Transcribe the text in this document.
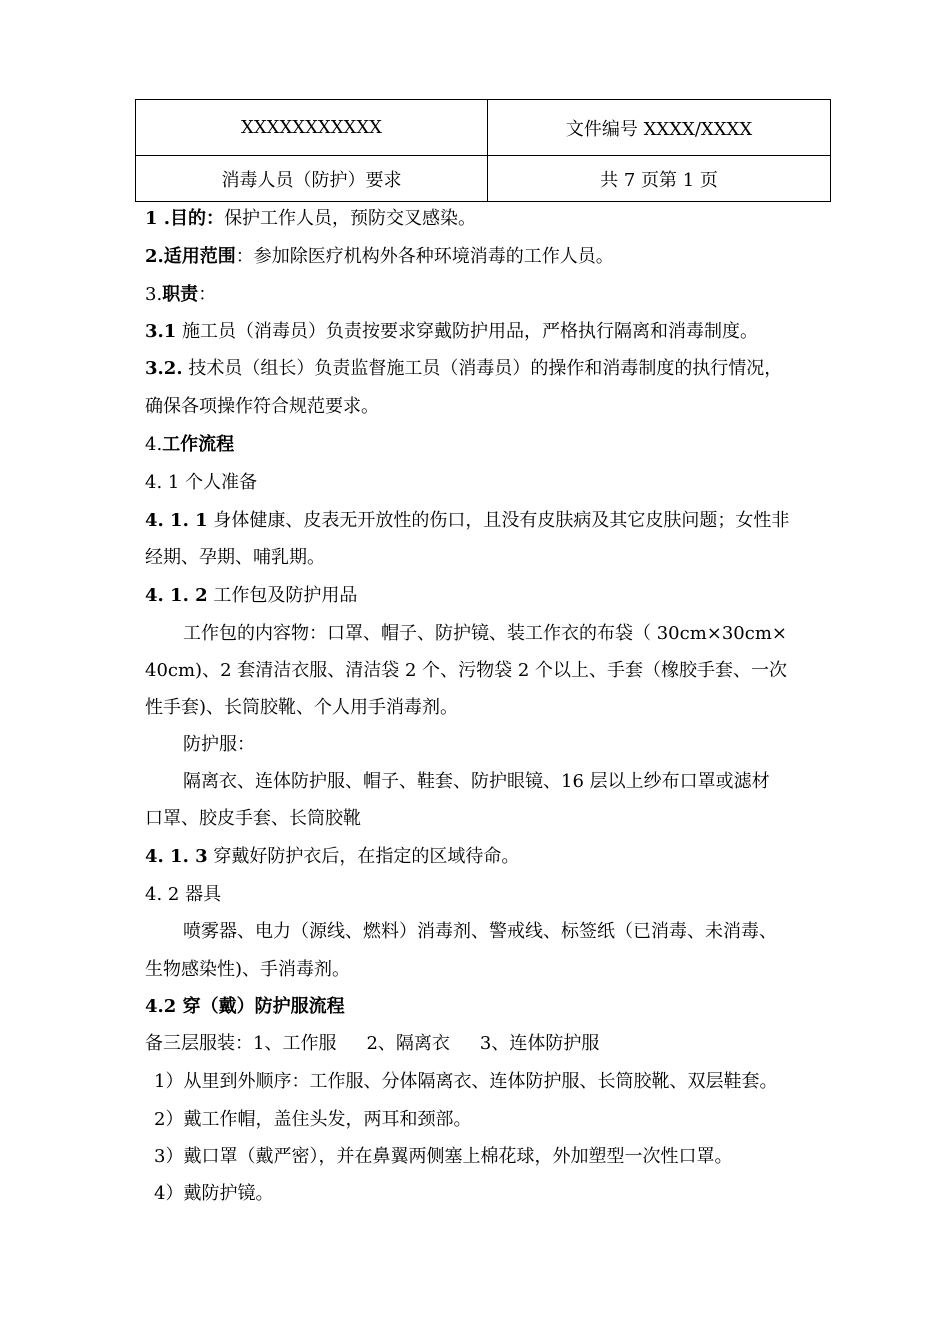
XXXXXXXXXXX	文件编号 XXXX/XXXX
消毒人员（防护）要求	共 7 页第 1 页
1 .目的：保护工作人员，预防交叉感染。
2.适用范围：参加除医疗机构外各种环境消毒的工作人员。
3.职责：
3.1 施工员（消毒员）负责按要求穿戴防护用品，严格执行隔离和消毒制度。
3.2. 技术员（组长）负责监督施工员（消毒员）的操作和消毒制度的执行情况，
确保各项操作符合规范要求。
4.工作流程
4. 1 个人准备
4. 1. 1 身体健康、皮表无开放性的伤口，且没有皮肤病及其它皮肤问题；女性非
经期、孕期、哺乳期。
4. 1. 2 工作包及防护用品
工作包的内容物：口罩、帽子、防护镜、装工作衣的布袋（ 30cm×30cm×
40cm)、2 套清洁衣服、清洁袋 2 个、污物袋 2 个以上、手套（橡胶手套、一次
性手套)、长筒胶靴、个人用手消毒剂。
防护服：
隔离衣、连体防护服、帽子、鞋套、防护眼镜、16 层以上纱布口罩或滤材
口罩、胶皮手套、长筒胶靴
4. 1. 3 穿戴好防护衣后，在指定的区域待命。
4. 2 器具
喷雾器、电力（源线、燃料）消毒剂、警戒线、标签纸（已消毒、未消毒、
生物感染性)、手消毒剂。
4.2 穿（戴）防护服流程
备三层服装：1、工作服 2、隔离衣 3、连体防护服
1）从里到外顺序：工作服、分体隔离衣、连体防护服、长筒胶靴、双层鞋套。
2）戴工作帽，盖住头发，两耳和颈部。
3）戴口罩（戴严密），并在鼻翼两侧塞上棉花球，外加塑型一次性口罩。
4）戴防护镜。
